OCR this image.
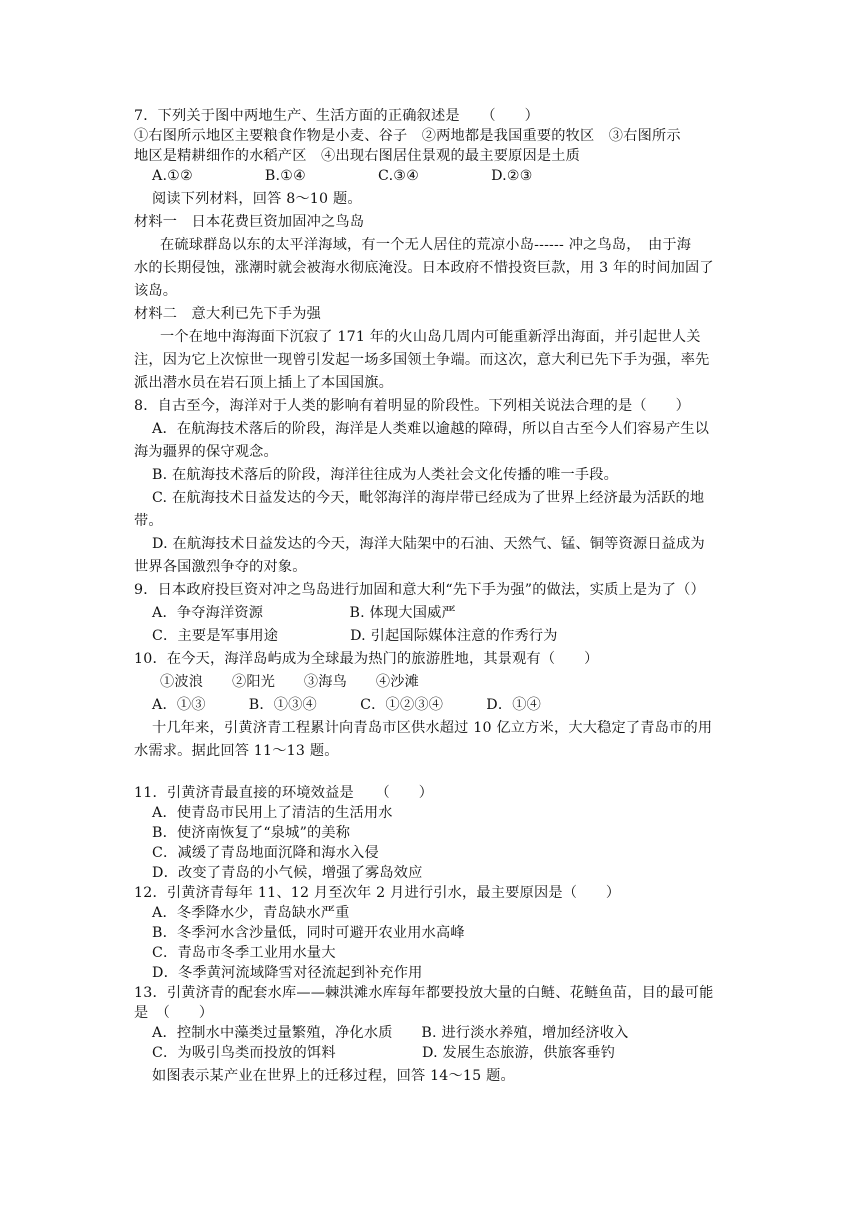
7．下列关于图中两地生产、生活方面的正确叙述是　　（　　）
①右图所示地区主要粮食作物是小麦、谷子　②两地都是我国重要的牧区　③右图所示
地区是精耕细作的水稻产区　④出现右图居住景观的最主要原因是土质
A.①②　　　　　B.①④　　　　　C.③④　　　　　D.②③
阅读下列材料，回答 8～10 题。
材料一　日本花费巨资加固冲之鸟岛
在硫球群岛以东的太平洋海域，有一个无人居住的荒凉小岛------ 冲之鸟岛，　由于海
水的长期侵蚀，涨潮时就会被海水彻底淹没。日本政府不惜投资巨款，用 3 年的时间加固了
该岛。
材料二　意大利已先下手为强
一个在地中海海面下沉寂了 171 年的火山岛几周内可能重新浮出海面，并引起世人关
注，因为它上次惊世一现曾引发起一场多国领土争端。而这次，意大利已先下手为强，率先
派出潜水员在岩石顶上插上了本国国旗。
8．自古至今，海洋对于人类的影响有着明显的阶段性。下列相关说法合理的是（　　）
A．在航海技术落后的阶段，海洋是人类难以逾越的障碍，所以自古至今人们容易产生以
海为疆界的保守观念。
B. 在航海技术落后的阶段，海洋往往成为人类社会文化传播的唯一手段。
C. 在航海技术日益发达的今天，毗邻海洋的海岸带已经成为了世界上经济最为活跃的地
带。
D. 在航海技术日益发达的今天，海洋大陆架中的石油、天然气、锰、铜等资源日益成为
世界各国激烈争夺的对象。
9．日本政府投巨资对冲之鸟岛进行加固和意大利“先下手为强”的做法，实质上是为了（）
A．争夺海洋资源　　　　　　B. 体现大国威严
C．主要是军事用途　　　　　D. 引起国际媒体注意的作秀行为
10．在今天，海洋岛屿成为全球最为热门的旅游胜地，其景观有（　　）
①波浪　　②阳光　　③海鸟　　④沙滩
A．①③　　　B．①③④　　　C．①②③④　　　D．①④
十几年来，引黄济青工程累计向青岛市区供水超过 10 亿立方米，大大稳定了青岛市的用
水需求。据此回答 11～13 题。
11．引黄济青最直接的环境效益是　　（　　）
A．使青岛市民用上了清洁的生活用水
B．使济南恢复了“泉城”的美称
C．减缓了青岛地面沉降和海水入侵
D．改变了青岛的小气候，增强了雾岛效应
12．引黄济青每年 11、12 月至次年 2 月进行引水，最主要原因是（　　）
A．冬季降水少，青岛缺水严重
B．冬季河水含沙量低，同时可避开农业用水高峰
C．青岛市冬季工业用水量大
D．冬季黄河流域降雪对径流起到补充作用
13．引黄济青的配套水库——棘洪滩水库每年都要投放大量的白鲢、花鲢鱼苗，目的最可能
是　（　　）
A．控制水中藻类过量繁殖，净化水质　　B. 进行淡水养殖，增加经济收入
C．为吸引鸟类而投放的饵料　　　　　　D. 发展生态旅游，供旅客垂钓
如图表示某产业在世界上的迁移过程，回答 14～15 题。
